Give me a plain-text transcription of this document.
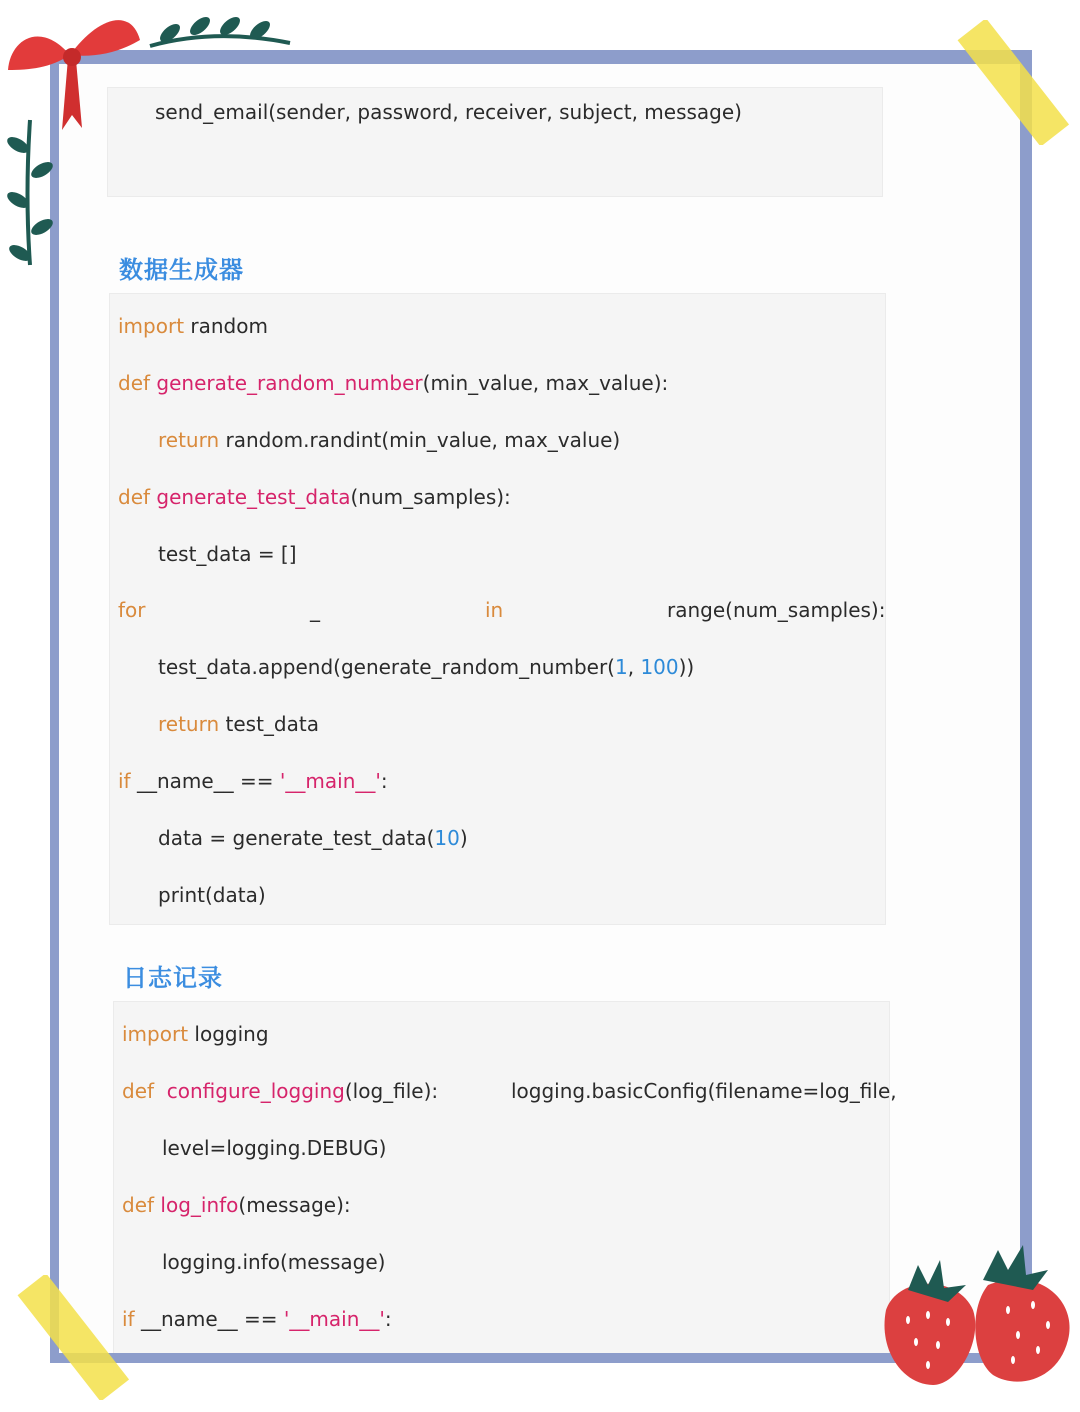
send_email(sender, password, receiver, subject, message)
数据生成器
import random
def generate_random_number(min_value, max_value):
return random.randint(min_value, max_value)
def generate_test_data(num_samples):
test_data = []
for	_	in	range(num_samples):
test_data.append(generate_random_number(1, 100))
return test_data
if __name__ == '__main__':
data = generate_test_data(10)
print(data)
日志记录
import logging
def configure_logging(log_file):	logging.basicConfig(filename=log_file,
level=logging.DEBUG)
def log_info(message):
logging.info(message)
if __name__ == '__main__':
